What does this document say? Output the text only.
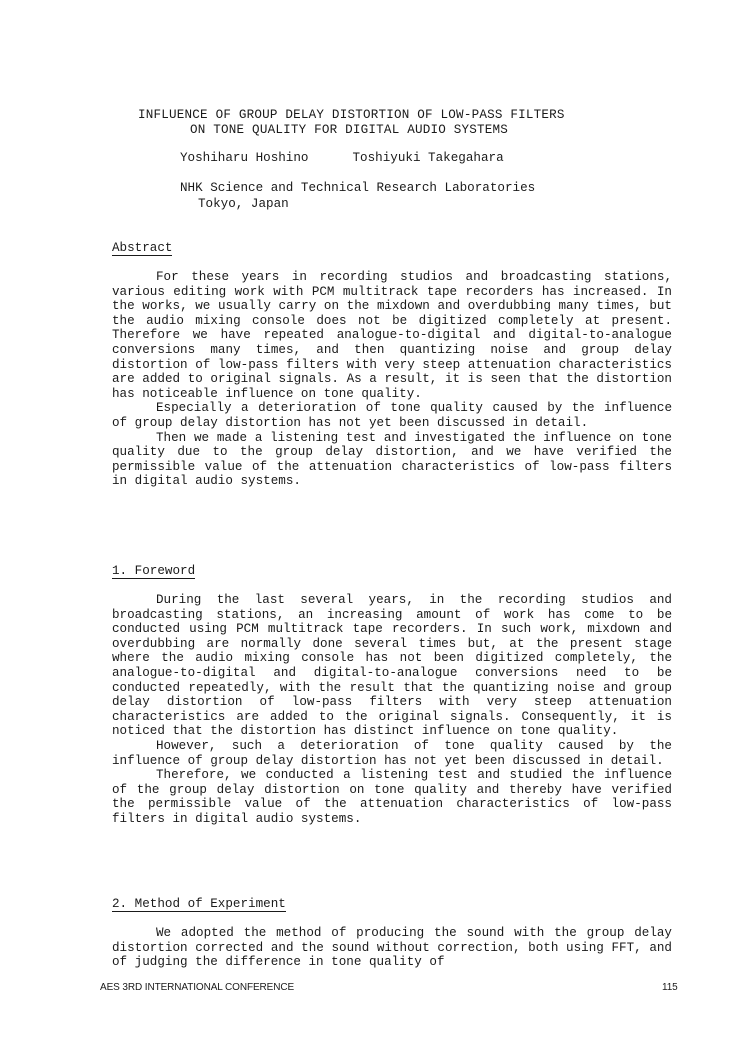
INFLUENCE OF GROUP DELAY DISTORTION OF LOW-PASS FILTERS
ON TONE QUALITY FOR DIGITAL AUDIO SYSTEMS
Yoshiharu Hoshino	Toshiyuki Takegahara
NHK Science and Technical Research Laboratories
Tokyo, Japan
Abstract

For these years in recording studios and broadcasting stations, various editing work with PCM multitrack tape recorders has increased. In the works, we usually carry on the mixdown and overdubbing many times, but the audio mixing console does not be digitized completely at present. Therefore we have repeated analogue-to-digital and digital-to-analogue conversions many times, and then quantizing noise and group delay distortion of low-pass filters with very steep attenuation characteristics are added to original signals. As a result, it is seen that the distortion has noticeable influence on tone quality.

Especially a deterioration of tone quality caused by the influence of group delay distortion has not yet been discussed in detail.

Then we made a listening test and investigated the influence on tone quality due to the group delay distortion, and we have verified the permissible value of the attenuation characteristics of low-pass filters in digital audio systems.

1. Foreword

During the last several years, in the recording studios and broadcasting stations, an increasing amount of work has come to be conducted using PCM multitrack tape recorders. In such work, mixdown and overdubbing are normally done several times but, at the present stage where the audio mixing console has not been digitized completely, the analogue-to-digital and digital-to-analogue conversions need to be conducted repeatedly, with the result that the quantizing noise and group delay distortion of low-pass filters with very steep attenuation characteristics are added to the original signals. Consequently, it is noticed that the distortion has distinct influence on tone quality.

However, such a deterioration of tone quality caused by the influence of group delay distortion has not yet been discussed in detail.

Therefore, we conducted a listening test and studied the influence of the group delay distortion on tone quality and thereby have verified the permissible value of the attenuation characteristics of low-pass filters in digital audio systems.

2. Method of Experiment

We adopted the method of producing the sound with the group delay distortion corrected and the sound without correction, both using FFT, and of judging the difference in tone quality of

AES 3RD INTERNATIONAL CONFERENCE	115
